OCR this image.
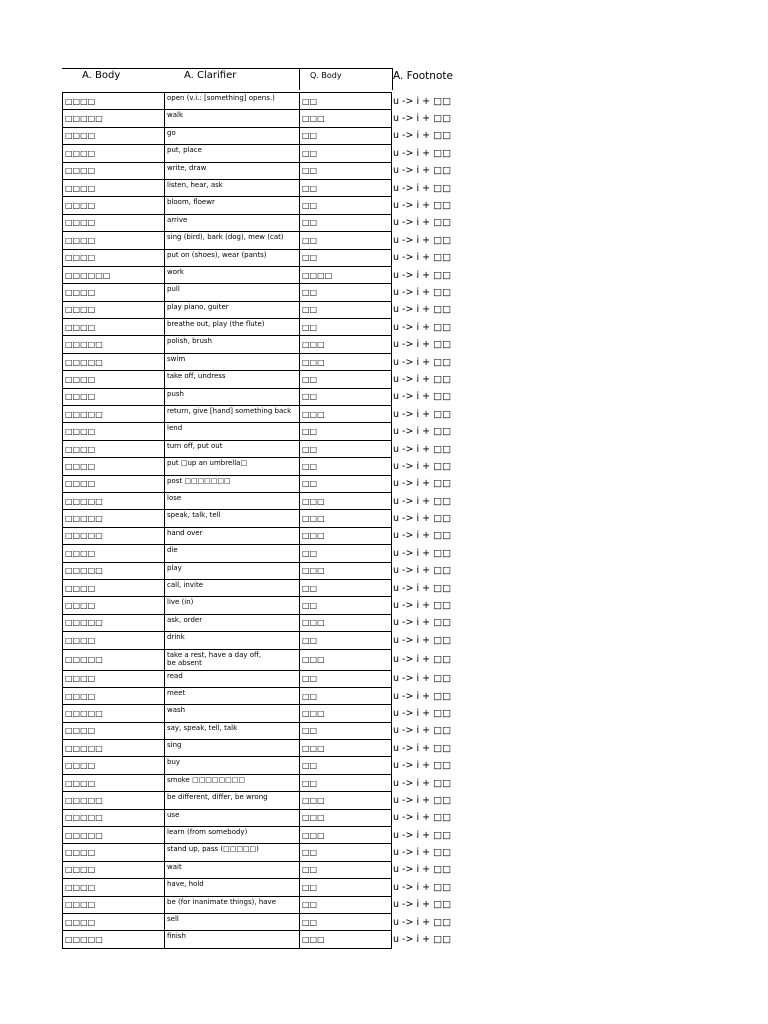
A. Body	A. Clarifier	Q. Body	A. Footnote
□□□□	open (v.i.: [something] opens.)	□□	u -> i + □□
□□□□□	walk	□□□	u -> i + □□
□□□□	go	□□	u -> i + □□
□□□□	put, place	□□	u -> i + □□
□□□□	write, draw	□□	u -> i + □□
□□□□	listen, hear, ask	□□	u -> i + □□
□□□□	bloom, floewr	□□	u -> i + □□
□□□□	arrive	□□	u -> i + □□
□□□□	sing (bird), bark (dog), mew (cat)	□□	u -> i + □□
□□□□	put on (shoes), wear (pants)	□□	u -> i + □□
□□□□□□	work	□□□□	u -> i + □□
□□□□	pull	□□	u -> i + □□
□□□□	play piano, guiter	□□	u -> i + □□
□□□□	breathe out, play (the flute)	□□	u -> i + □□
□□□□□	polish, brush	□□□	u -> i + □□
□□□□□	swim	□□□	u -> i + □□
□□□□	take off, undress	□□	u -> i + □□
□□□□	push	□□	u -> i + □□
□□□□□	return, give [hand] something back	□□□	u -> i + □□
□□□□	lend	□□	u -> i + □□
□□□□	turn off, put out	□□	u -> i + □□
□□□□	put □up an umbrella□	□□	u -> i + □□
□□□□	post □□□□□□□	□□	u -> i + □□
□□□□□	lose	□□□	u -> i + □□
□□□□□	speak, talk, tell	□□□	u -> i + □□
□□□□□	hand over	□□□	u -> i + □□
□□□□	die	□□	u -> i + □□
□□□□□	play	□□□	u -> i + □□
□□□□	call, invite	□□	u -> i + □□
□□□□	live (in)	□□	u -> i + □□
□□□□□	ask, order	□□□	u -> i + □□
□□□□	drink	□□	u -> i + □□
□□□□□	take a rest, have a day off,
be absent	□□□	u -> i + □□
□□□□	read	□□	u -> i + □□
□□□□	meet	□□	u -> i + □□
□□□□□	wash	□□□	u -> i + □□
□□□□	say, speak, tell, talk	□□	u -> i + □□
□□□□□	sing	□□□	u -> i + □□
□□□□	buy	□□	u -> i + □□
□□□□	smoke □□□□□□□□	□□	u -> i + □□
□□□□□	be different, differ, be wrong	□□□	u -> i + □□
□□□□□	use	□□□	u -> i + □□
□□□□□	learn (from somebody)	□□□	u -> i + □□
□□□□	stand up, pass (□□□□□)	□□	u -> i + □□
□□□□	wait	□□	u -> i + □□
□□□□	have, hold	□□	u -> i + □□
□□□□	be (for inanimate things), have	□□	u -> i + □□
□□□□	sell	□□	u -> i + □□
□□□□□	finish	□□□	u -> i + □□
